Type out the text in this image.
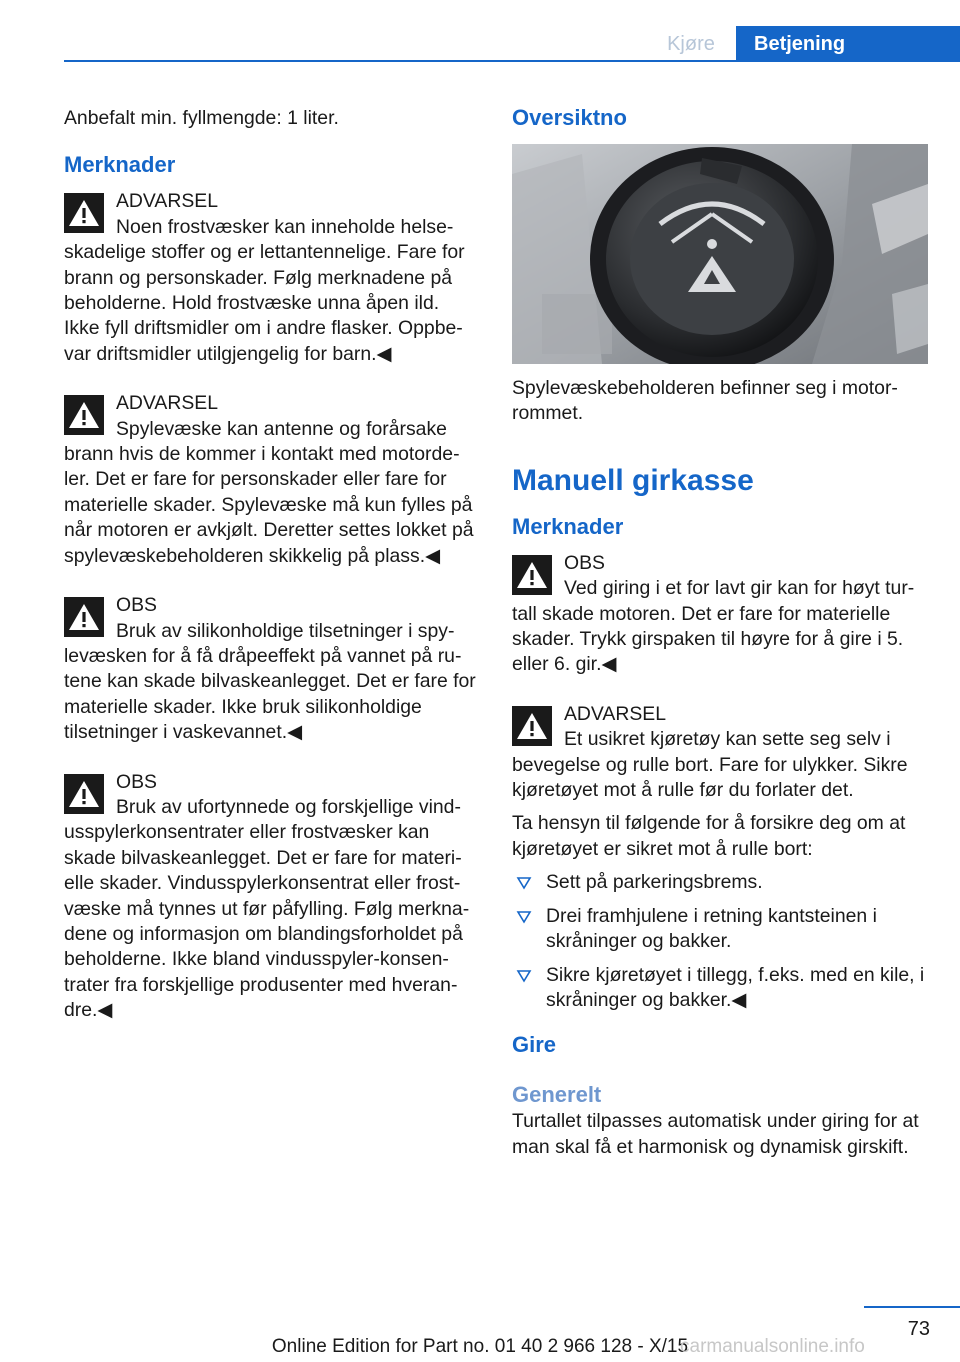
Kjøre	Betjening

Anbefalt min. fyllmengde: 1 liter.

Merknader

ADVARSEL

Noen frostvæsker kan inneholde helseskadelige stoffer og er lettantennelige. Fare for brann og personskader. Følg merknadene på beholderne. Hold frostvæske unna åpen ild. Ikke fyll driftsmidler om i andre flasker. Oppbevar driftsmidler utilgjengelig for barn.◀

ADVARSEL

Spylevæske kan antenne og forårsake brann hvis de kommer i kontakt med motordeler. Det er fare for personskader eller fare for materielle skader. Spylevæske må kun fylles på når motoren er avkjølt. Deretter settes lokket på spylevæskebeholderen skikkelig på plass.◀

OBS

Bruk av silikonholdige tilsetninger i spylevæsken for å få dråpeeffekt på vannet på rutene kan skade bilvaskeanlegget. Det er fare for materielle skader. Ikke bruk silikonholdige tilsetninger i vaskevannet.◀

OBS

Bruk av ufortynnede og forskjellige vindusspylerkonsentrater eller frostvæsker kan skade bilvaskeanlegget. Det er fare for materielle skader. Vindusspylerkonsentrat eller frostvæske må tynnes ut før påfylling. Følg merknadene og informasjon om blandingsforholdet på beholderne. Ikke bland vindusspyler-konsentrater fra forskjellige produsenter med hverandre.◀

Oversiktno

Spylevæskebeholderen befinner seg i motorrommet.

Manuell girkasse
Merknader

OBS

Ved giring i et for lavt gir kan for høyt turtall skade motoren. Det er fare for materielle skader. Trykk girspaken til høyre for å gire i 5. eller 6. gir.◀

ADVARSEL

Et usikret kjøretøy kan sette seg selv i bevegelse og rulle bort. Fare for ulykker. Sikre kjøretøyet mot å rulle før du forlater det.

Ta hensyn til følgende for å forsikre deg om at kjøretøyet er sikret mot å rulle bort:

Sett på parkeringsbrems.
Drei framhjulene i retning kantsteinen i skråninger og bakker.
Sikre kjøretøyet i tillegg, f.eks. med en kile, i skråninger og bakker.◀
Gire
Generelt

Turtallet tilpasses automatisk under giring for at man skal få et harmonisk og dynamisk girskift.

73
Online Edition for Part no. 01 40 2 966 128 - X/15
carmanualsonline.info
